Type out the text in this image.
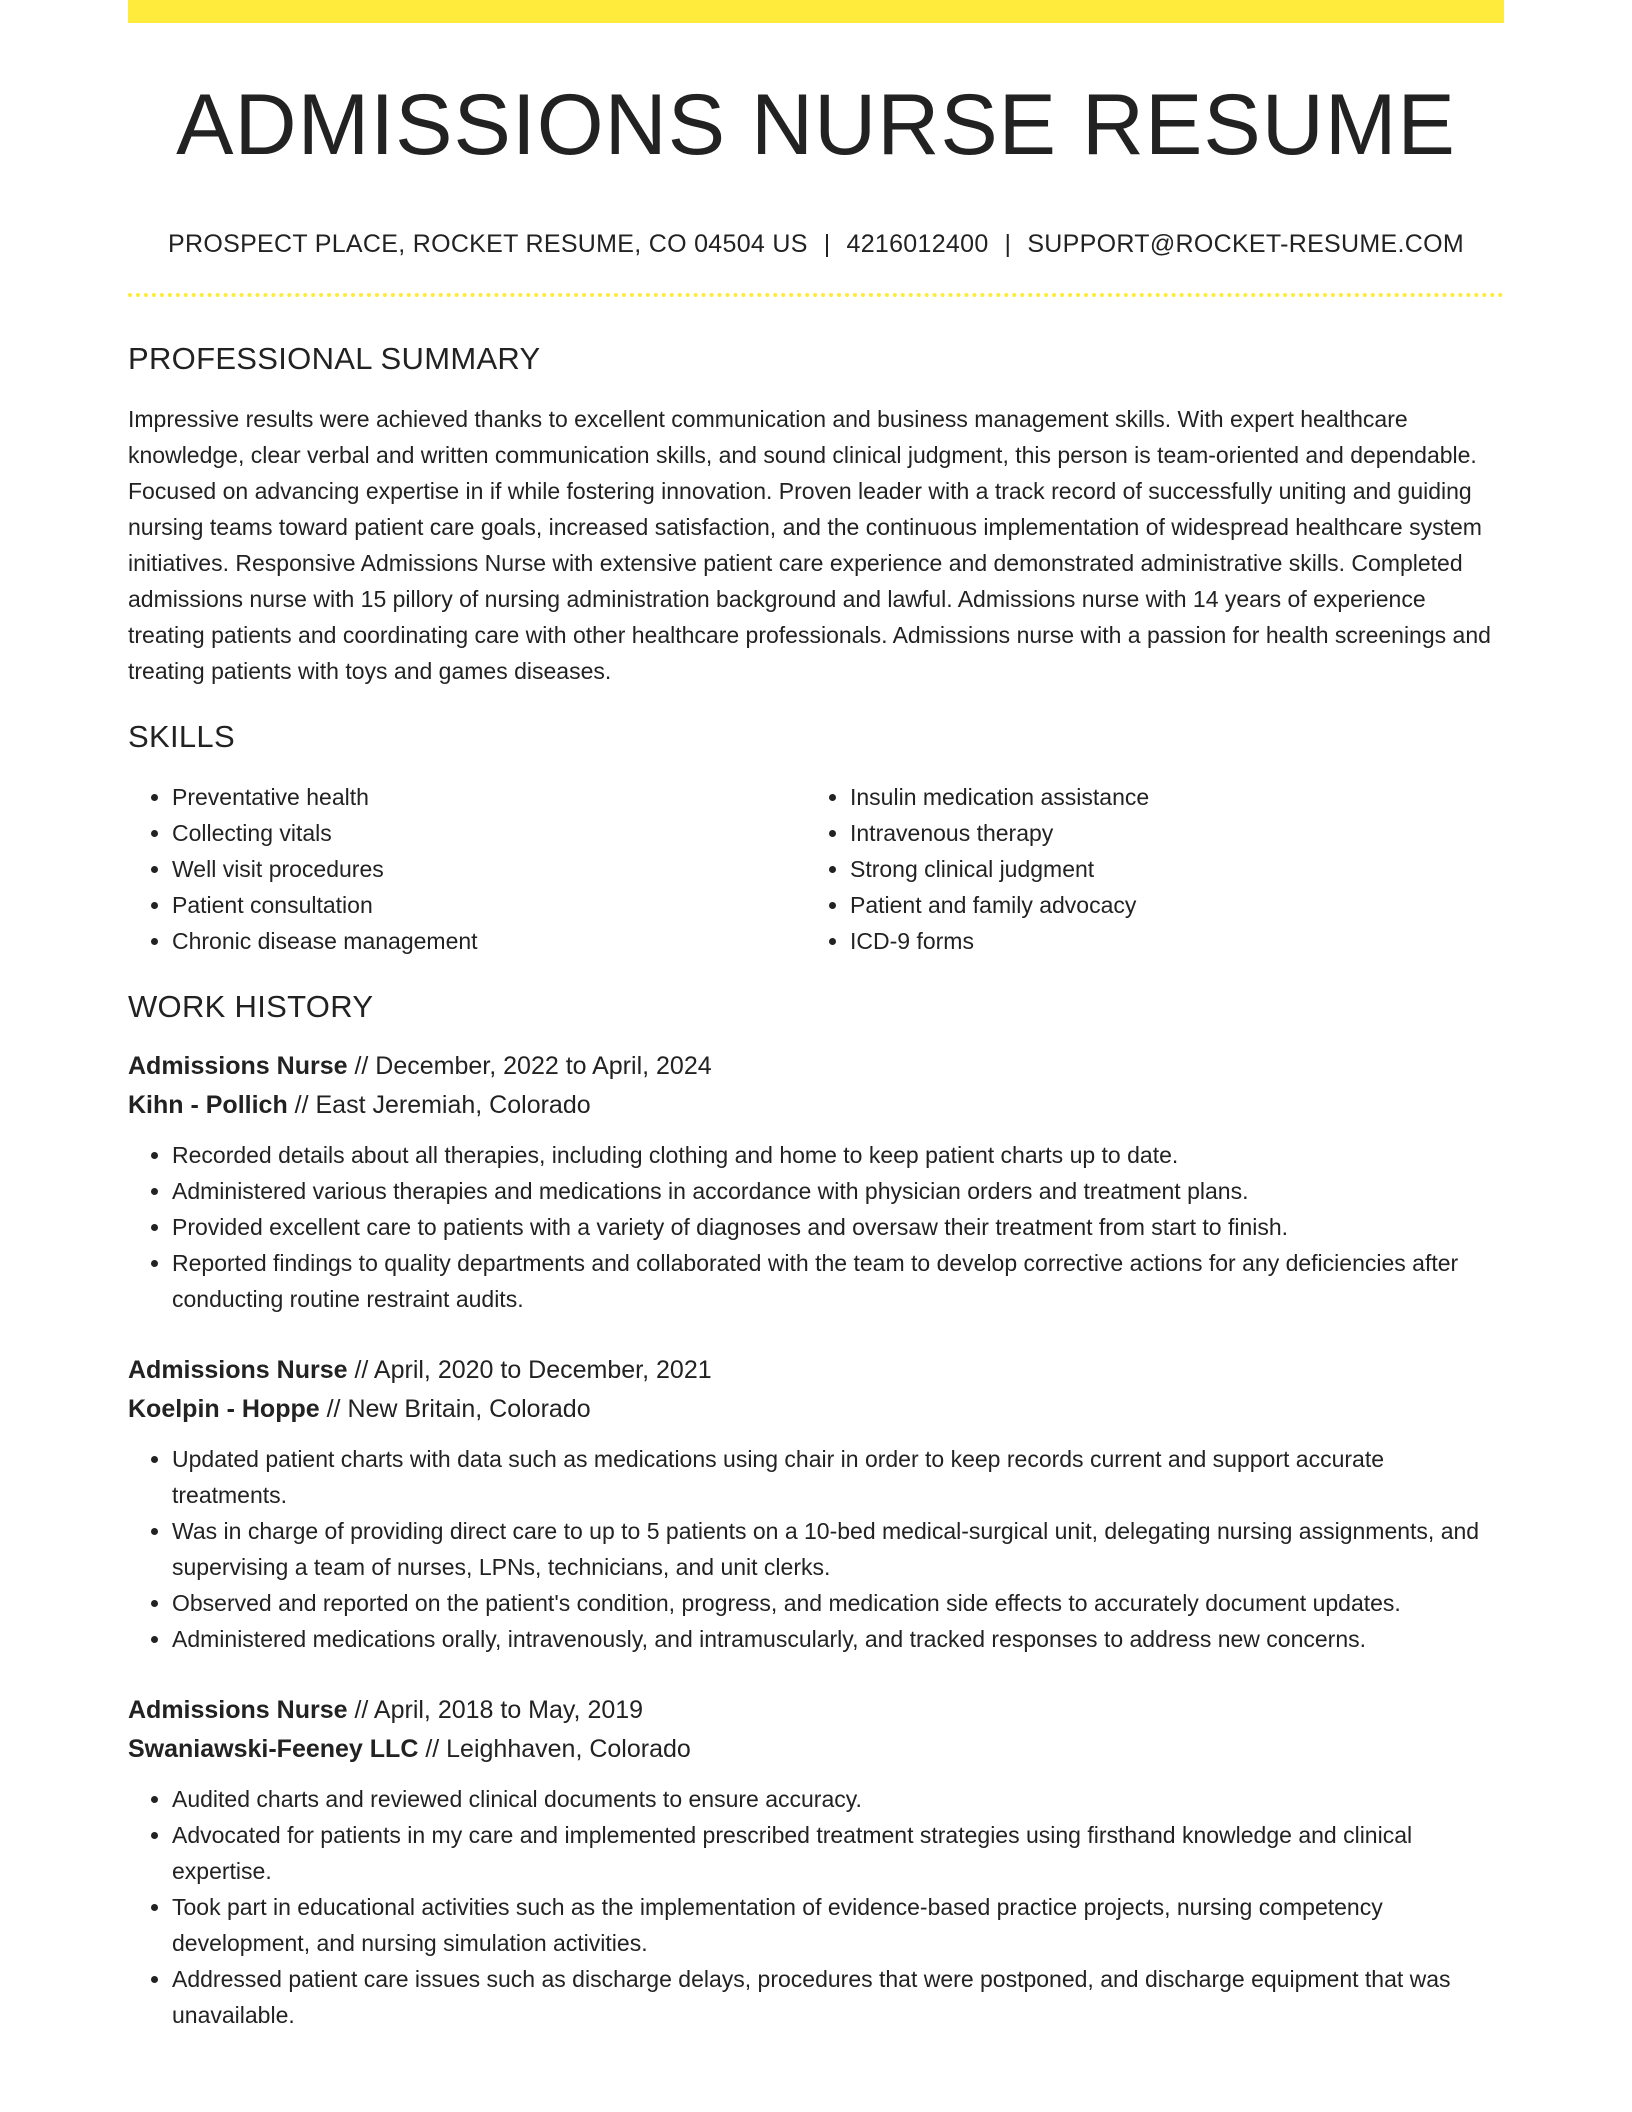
ADMISSIONS NURSE RESUME
PROSPECT PLACE, ROCKET RESUME, CO 04504 US | 4216012400 | SUPPORT@ROCKET-RESUME.COM
PROFESSIONAL SUMMARY

Impressive results were achieved thanks to excellent communication and business management skills. With expert healthcare knowledge, clear verbal and written communication skills, and sound clinical judgment, this person is team-oriented and dependable. Focused on advancing expertise in if while fostering innovation. Proven leader with a track record of successfully uniting and guiding nursing teams toward patient care goals, increased satisfaction, and the continuous implementation of widespread healthcare system initiatives. Responsive Admissions Nurse with extensive patient care experience and demonstrated administrative skills. Completed admissions nurse with 15 pillory of nursing administration background and lawful. Admissions nurse with 14 years of experience treating patients and coordinating care with other healthcare professionals. Admissions nurse with a passion for health screenings and treating patients with toys and games diseases.

SKILLS
• Preventative health
• Collecting vitals
• Well visit procedures
• Patient consultation
• Chronic disease management
• Insulin medication assistance
• Intravenous therapy
• Strong clinical judgment
• Patient and family advocacy
• ICD-9 forms
WORK HISTORY
Admissions Nurse // December, 2022 to April, 2024
Kihn - Pollich // East Jeremiah, Colorado
• Recorded details about all therapies, including clothing and home to keep patient charts up to date.
• Administered various therapies and medications in accordance with physician orders and treatment plans.
• Provided excellent care to patients with a variety of diagnoses and oversaw their treatment from start to finish.
• Reported findings to quality departments and collaborated with the team to develop corrective actions for any deficiencies after conducting routine restraint audits.
Admissions Nurse // April, 2020 to December, 2021
Koelpin - Hoppe // New Britain, Colorado
• Updated patient charts with data such as medications using chair in order to keep records current and support accurate treatments.
• Was in charge of providing direct care to up to 5 patients on a 10-bed medical-surgical unit, delegating nursing assignments, and supervising a team of nurses, LPNs, technicians, and unit clerks.
• Observed and reported on the patient's condition, progress, and medication side effects to accurately document updates.
• Administered medications orally, intravenously, and intramuscularly, and tracked responses to address new concerns.
Admissions Nurse // April, 2018 to May, 2019
Swaniawski-Feeney LLC // Leighhaven, Colorado
• Audited charts and reviewed clinical documents to ensure accuracy.
• Advocated for patients in my care and implemented prescribed treatment strategies using firsthand knowledge and clinical expertise.
• Took part in educational activities such as the implementation of evidence-based practice projects, nursing competency development, and nursing simulation activities.
• Addressed patient care issues such as discharge delays, procedures that were postponed, and discharge equipment that was unavailable.
